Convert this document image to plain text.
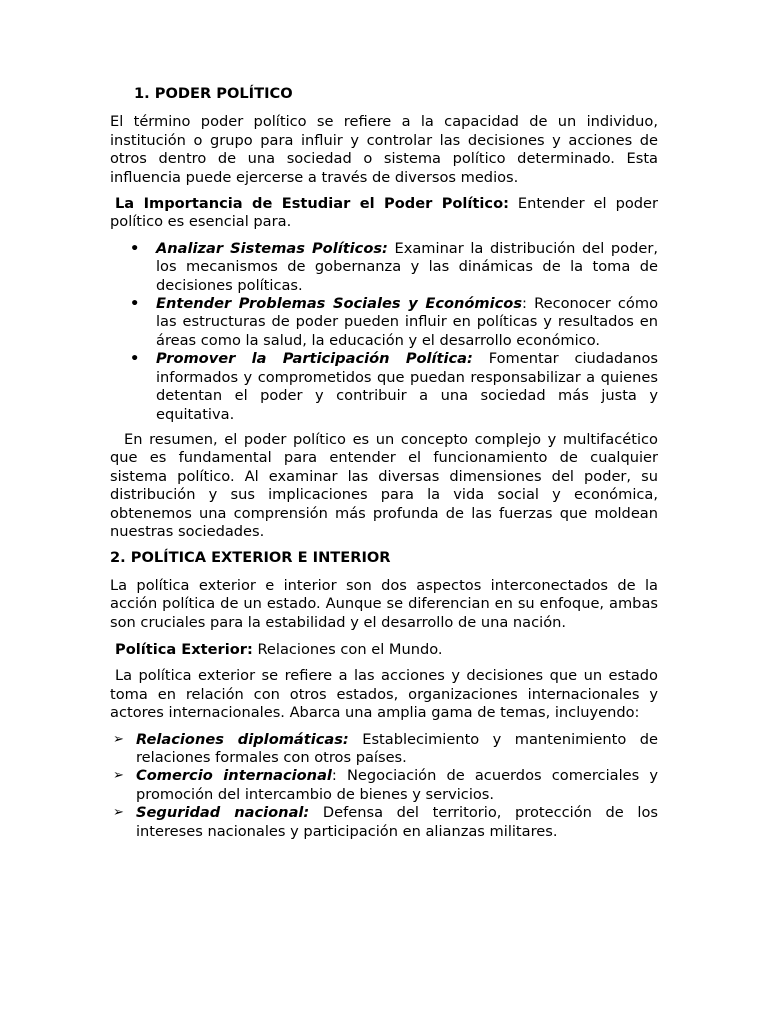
1. PODER POLÍTICO

El término poder político se refiere a la capacidad de un individuo, institución o grupo para influir y controlar las decisiones y acciones de otros dentro de una sociedad o sistema político determinado. Esta influencia puede ejercerse a través de diversos medios.

La Importancia de Estudiar el Poder Político: Entender el poder político es esencial para.

• Analizar Sistemas Políticos: Examinar la distribución del poder, los mecanismos de gobernanza y las dinámicas de la toma de decisiones políticas.
• Entender Problemas Sociales y Económicos: Reconocer cómo las estructuras de poder pueden influir en políticas y resultados en áreas como la salud, la educación y el desarrollo económico.
• Promover la Participación Política: Fomentar ciudadanos informados y comprometidos que puedan responsabilizar a quienes detentan el poder y contribuir a una sociedad más justa y equitativa.

En resumen, el poder político es un concepto complejo y multifacético que es fundamental para entender el funcionamiento de cualquier sistema político. Al examinar las diversas dimensiones del poder, su distribución y sus implicaciones para la vida social y económica, obtenemos una comprensión más profunda de las fuerzas que moldean nuestras sociedades.

2. POLÍTICA EXTERIOR E INTERIOR

La política exterior e interior son dos aspectos interconectados de la acción política de un estado. Aunque se diferencian en su enfoque, ambas son cruciales para la estabilidad y el desarrollo de una nación.

Política Exterior: Relaciones con el Mundo.

La política exterior se refiere a las acciones y decisiones que un estado toma en relación con otros estados, organizaciones internacionales y actores internacionales. Abarca una amplia gama de temas, incluyendo:

➢ Relaciones diplomáticas: Establecimiento y mantenimiento de relaciones formales con otros países.
➢ Comercio internacional: Negociación de acuerdos comerciales y promoción del intercambio de bienes y servicios.
➢ Seguridad nacional: Defensa del territorio, protección de los intereses nacionales y participación en alianzas militares.
